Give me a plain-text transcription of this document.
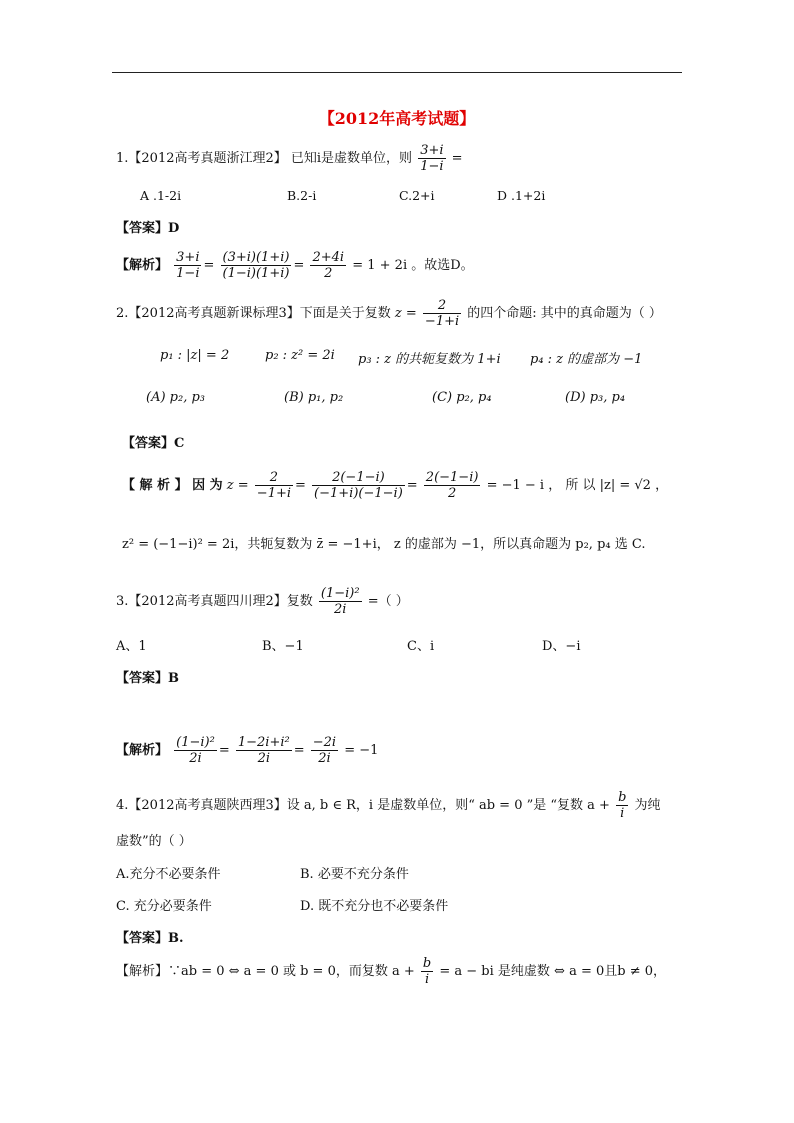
【2012年高考试题】
1.【2012高考真题浙江理2】 已知i是虚数单位，则 $\frac{3+i}{1-i}$ =
A .1-2i	B.2-i	C.2+i	D .1+2i
【答案】D
【解析】 $\frac{3+i}{1-i} = \frac{(3+i)(1+i)}{(1-i)(1+i)} = \frac{2+4i}{2} = 1 + 2i$ 。故选D。
2.【2012高考真题新课标理3】下面是关于复数 $z = \frac{2}{-1+i}$ 的四个命题: 其中的真命题为（ ）
p₁ : |z| = 2	p₂ : z² = 2i p₃ : z 的共轭复数为 1+i p₄ : z 的虚部为 −1
(A) p₂, p₃	(B) p₁, p₂	(C) p₂, p₄	(D) p₃, p₄
【答案】C
【 解 析 】 因 为 $z = \frac{2}{-1+i} = \frac{2(-1-i)}{(-1+i)(-1-i)} = \frac{2(-1-i)}{2} = -1 - i$ ， 所 以 |z| = √2 ，
z² = (−1−i)² = 2i，共轭复数为 z̄ = −1+i， z 的虚部为 −1，所以真命题为 p₂, p₄ 选 C.
3.【2012高考真题四川理2】复数 $\frac{\text{(1−i)²}}{2i}$ =（ ）
A、1	B、−1	C、i	D、−i
【答案】B
【解析】 $\frac{\text{(1−i)²}}{2i} = \frac{\text{1−2i+i²}}{2i} = \frac{-2i}{2i} = -1$
4.【2012高考真题陕西理3】设 a, b ∈ R，i 是虚数单位，则“ ab = 0 ”是 “复数 $a + \frac{b}{i}$ 为纯
虚数”的（ ）
A.充分不必要条件	B. 必要不充分条件
C. 充分必要条件	D. 既不充分也不必要条件
【答案】B.
【解析】∵ab = 0 ⇔ a = 0 或 b = 0，而复数 $a + \frac{b}{i} = a$ − bi 是纯虚数 ⇔ a = 0且b ≠ 0，
